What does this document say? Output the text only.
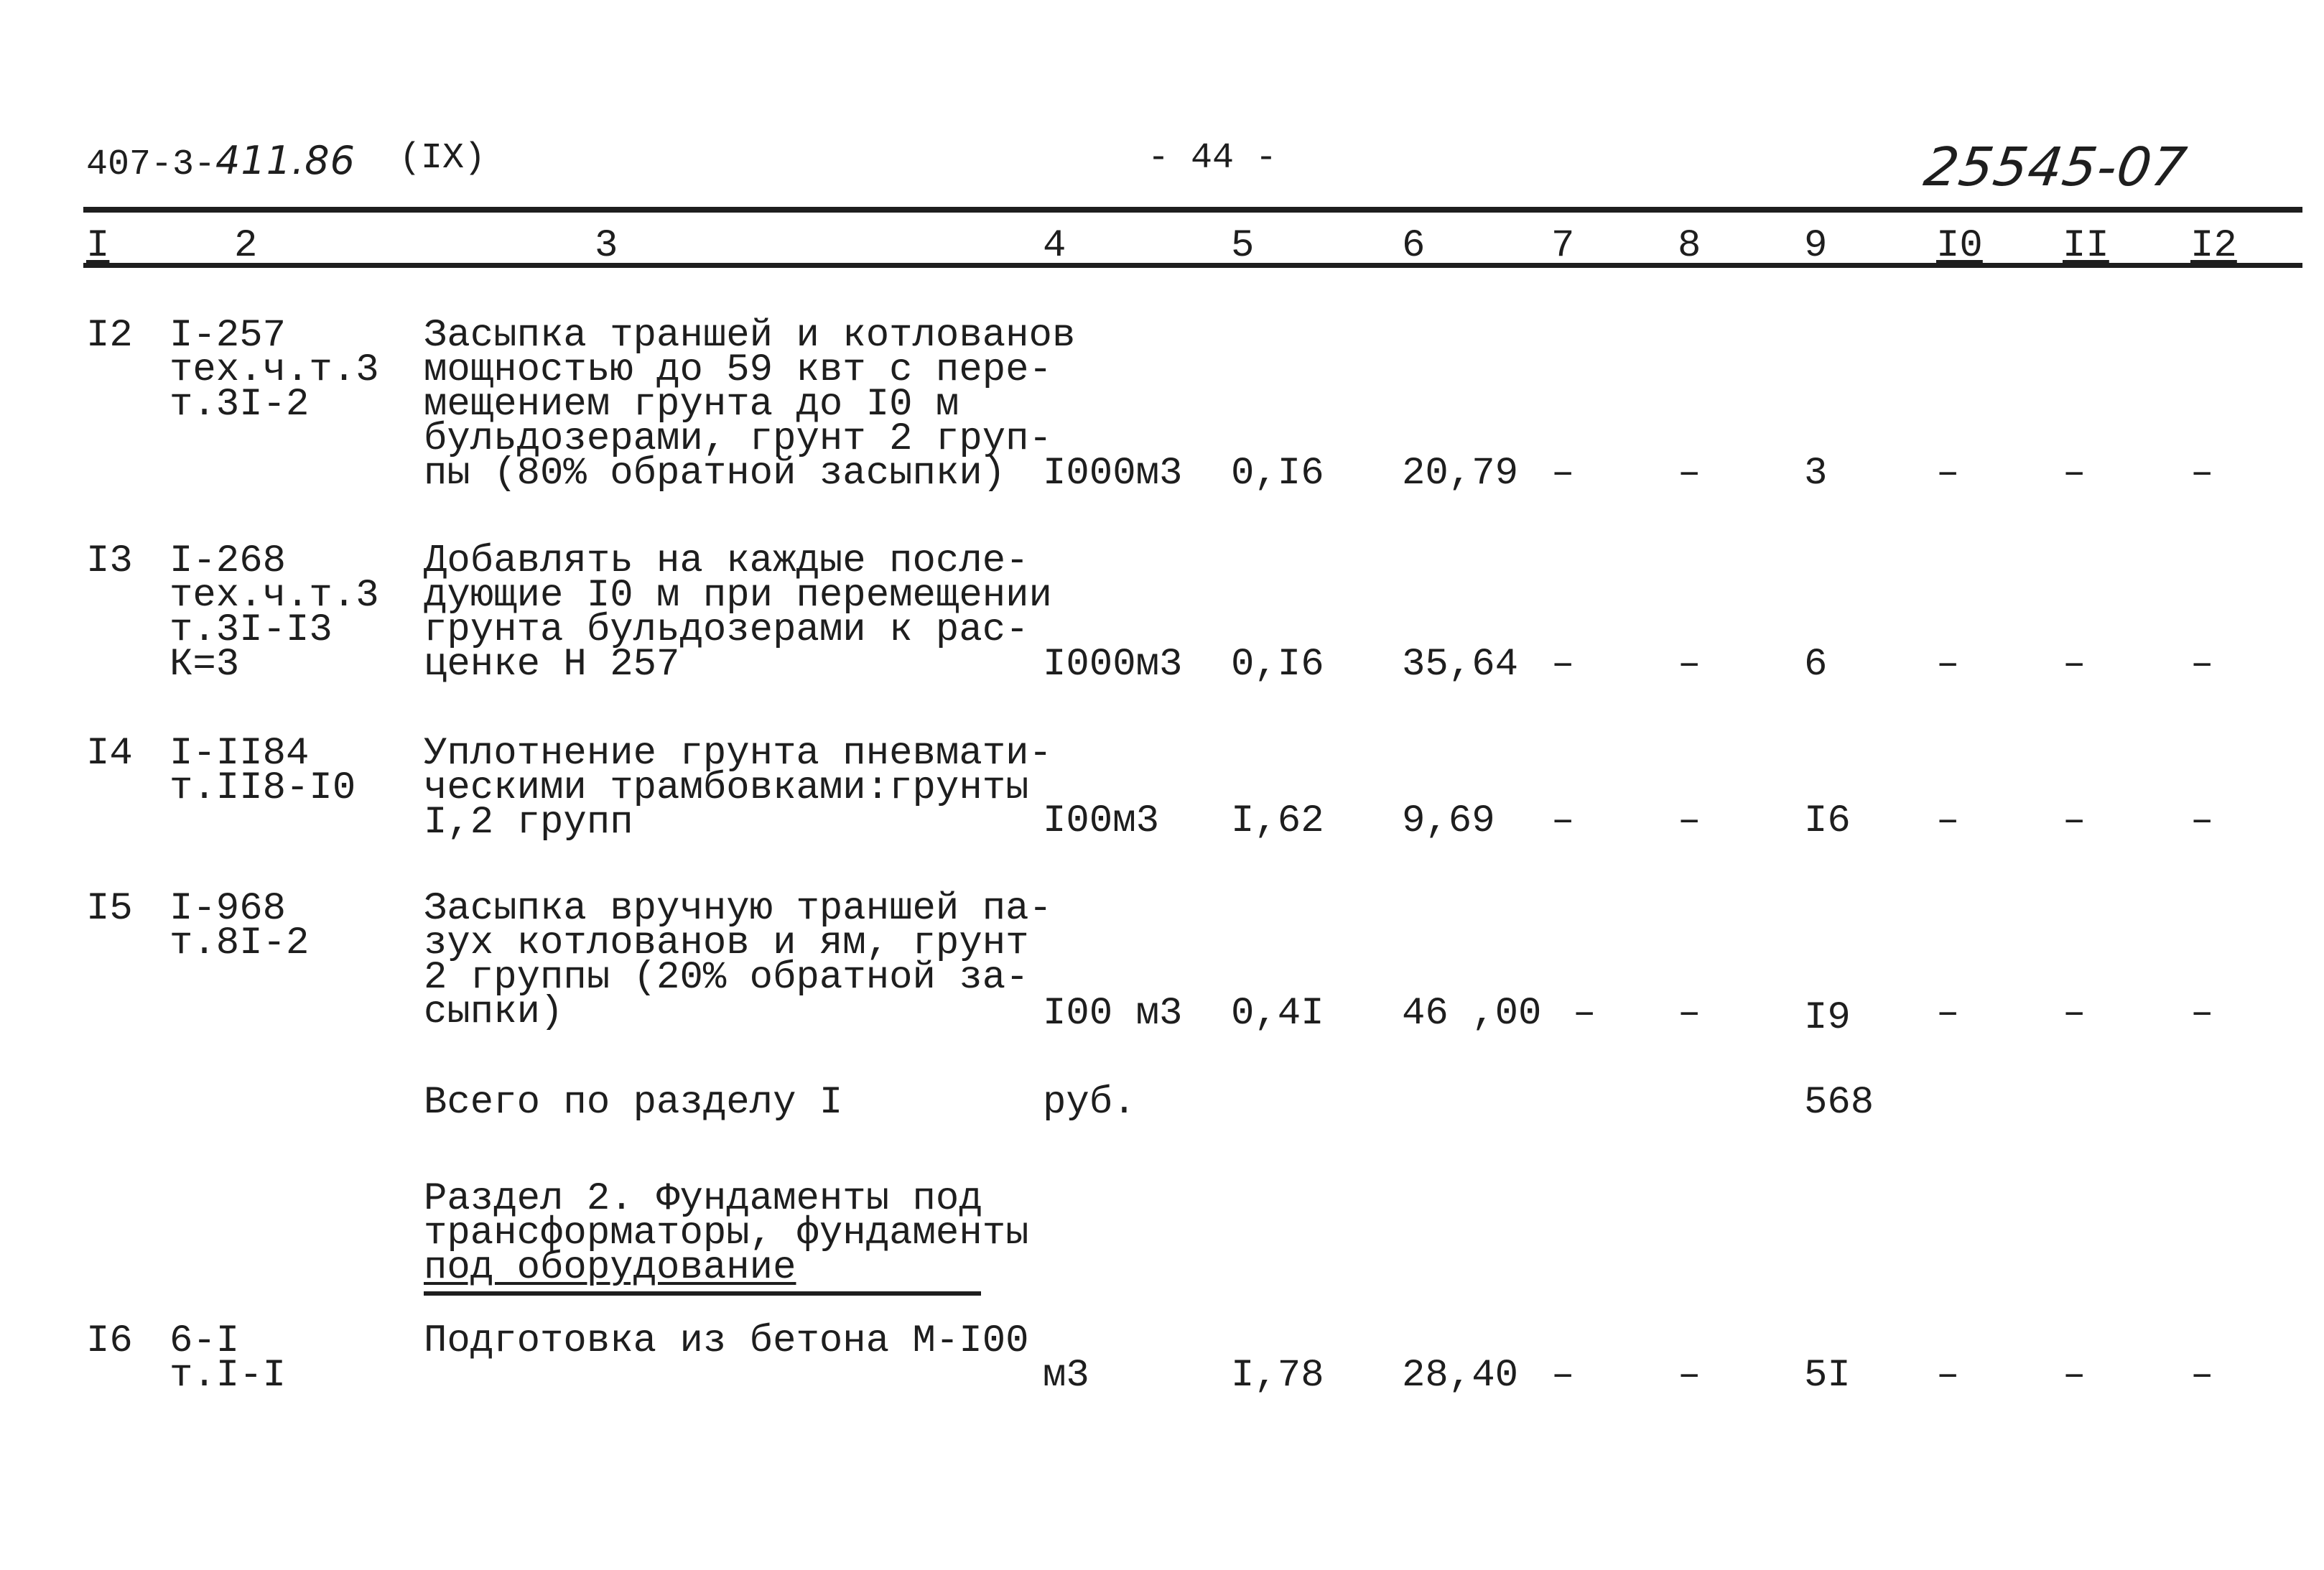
407-3-411.86 (IX)	- 44 -	25545-07
I	2	3	4	5	6	7	8	9	I0 II I2
I2 I-257
тех.ч.т.3
т.3I-2
Засыпка траншей и котлованов
мощностью до 59 квт с пере-
мещением грунта до I0 м
бульдозерами, грунт 2 груп-
пы (80% обратной засыпки) I000м3 0,I6 20,79 –	–	3	–	–	–
I3 I-268
тех.ч.т.3
т.3I-I3
К=3
Добавлять на каждые после-
дующие I0 м при перемещении
грунта бульдозерами к рас-
ценке Н 257	I000м3 0,I6 35,64 –	–	6	–	–	–
I4 I-II84
т.II8-I0
Уплотнение грунта пневмати-
ческими трамбовками:грунты
I,2 групп	I00м3 I,62 9,69 –	–	I6 –	–	–
I5 I-968
т.8I-2
Засыпка вручную траншей па-
зух котлованов и ям, грунт
2 группы (20% обратной за-
сыпки)	I00 м3 0,4I 46 ,00 – –	I9 –	–	–
Всего по разделу I	руб.	568
Раздел 2. Фундаменты под
трансформаторы, фундаменты
под оборудование
I6 6-I
т.I-I
Подготовка из бетона М-I00
м3	I,78 28,40 –	–	5I –	–	–
